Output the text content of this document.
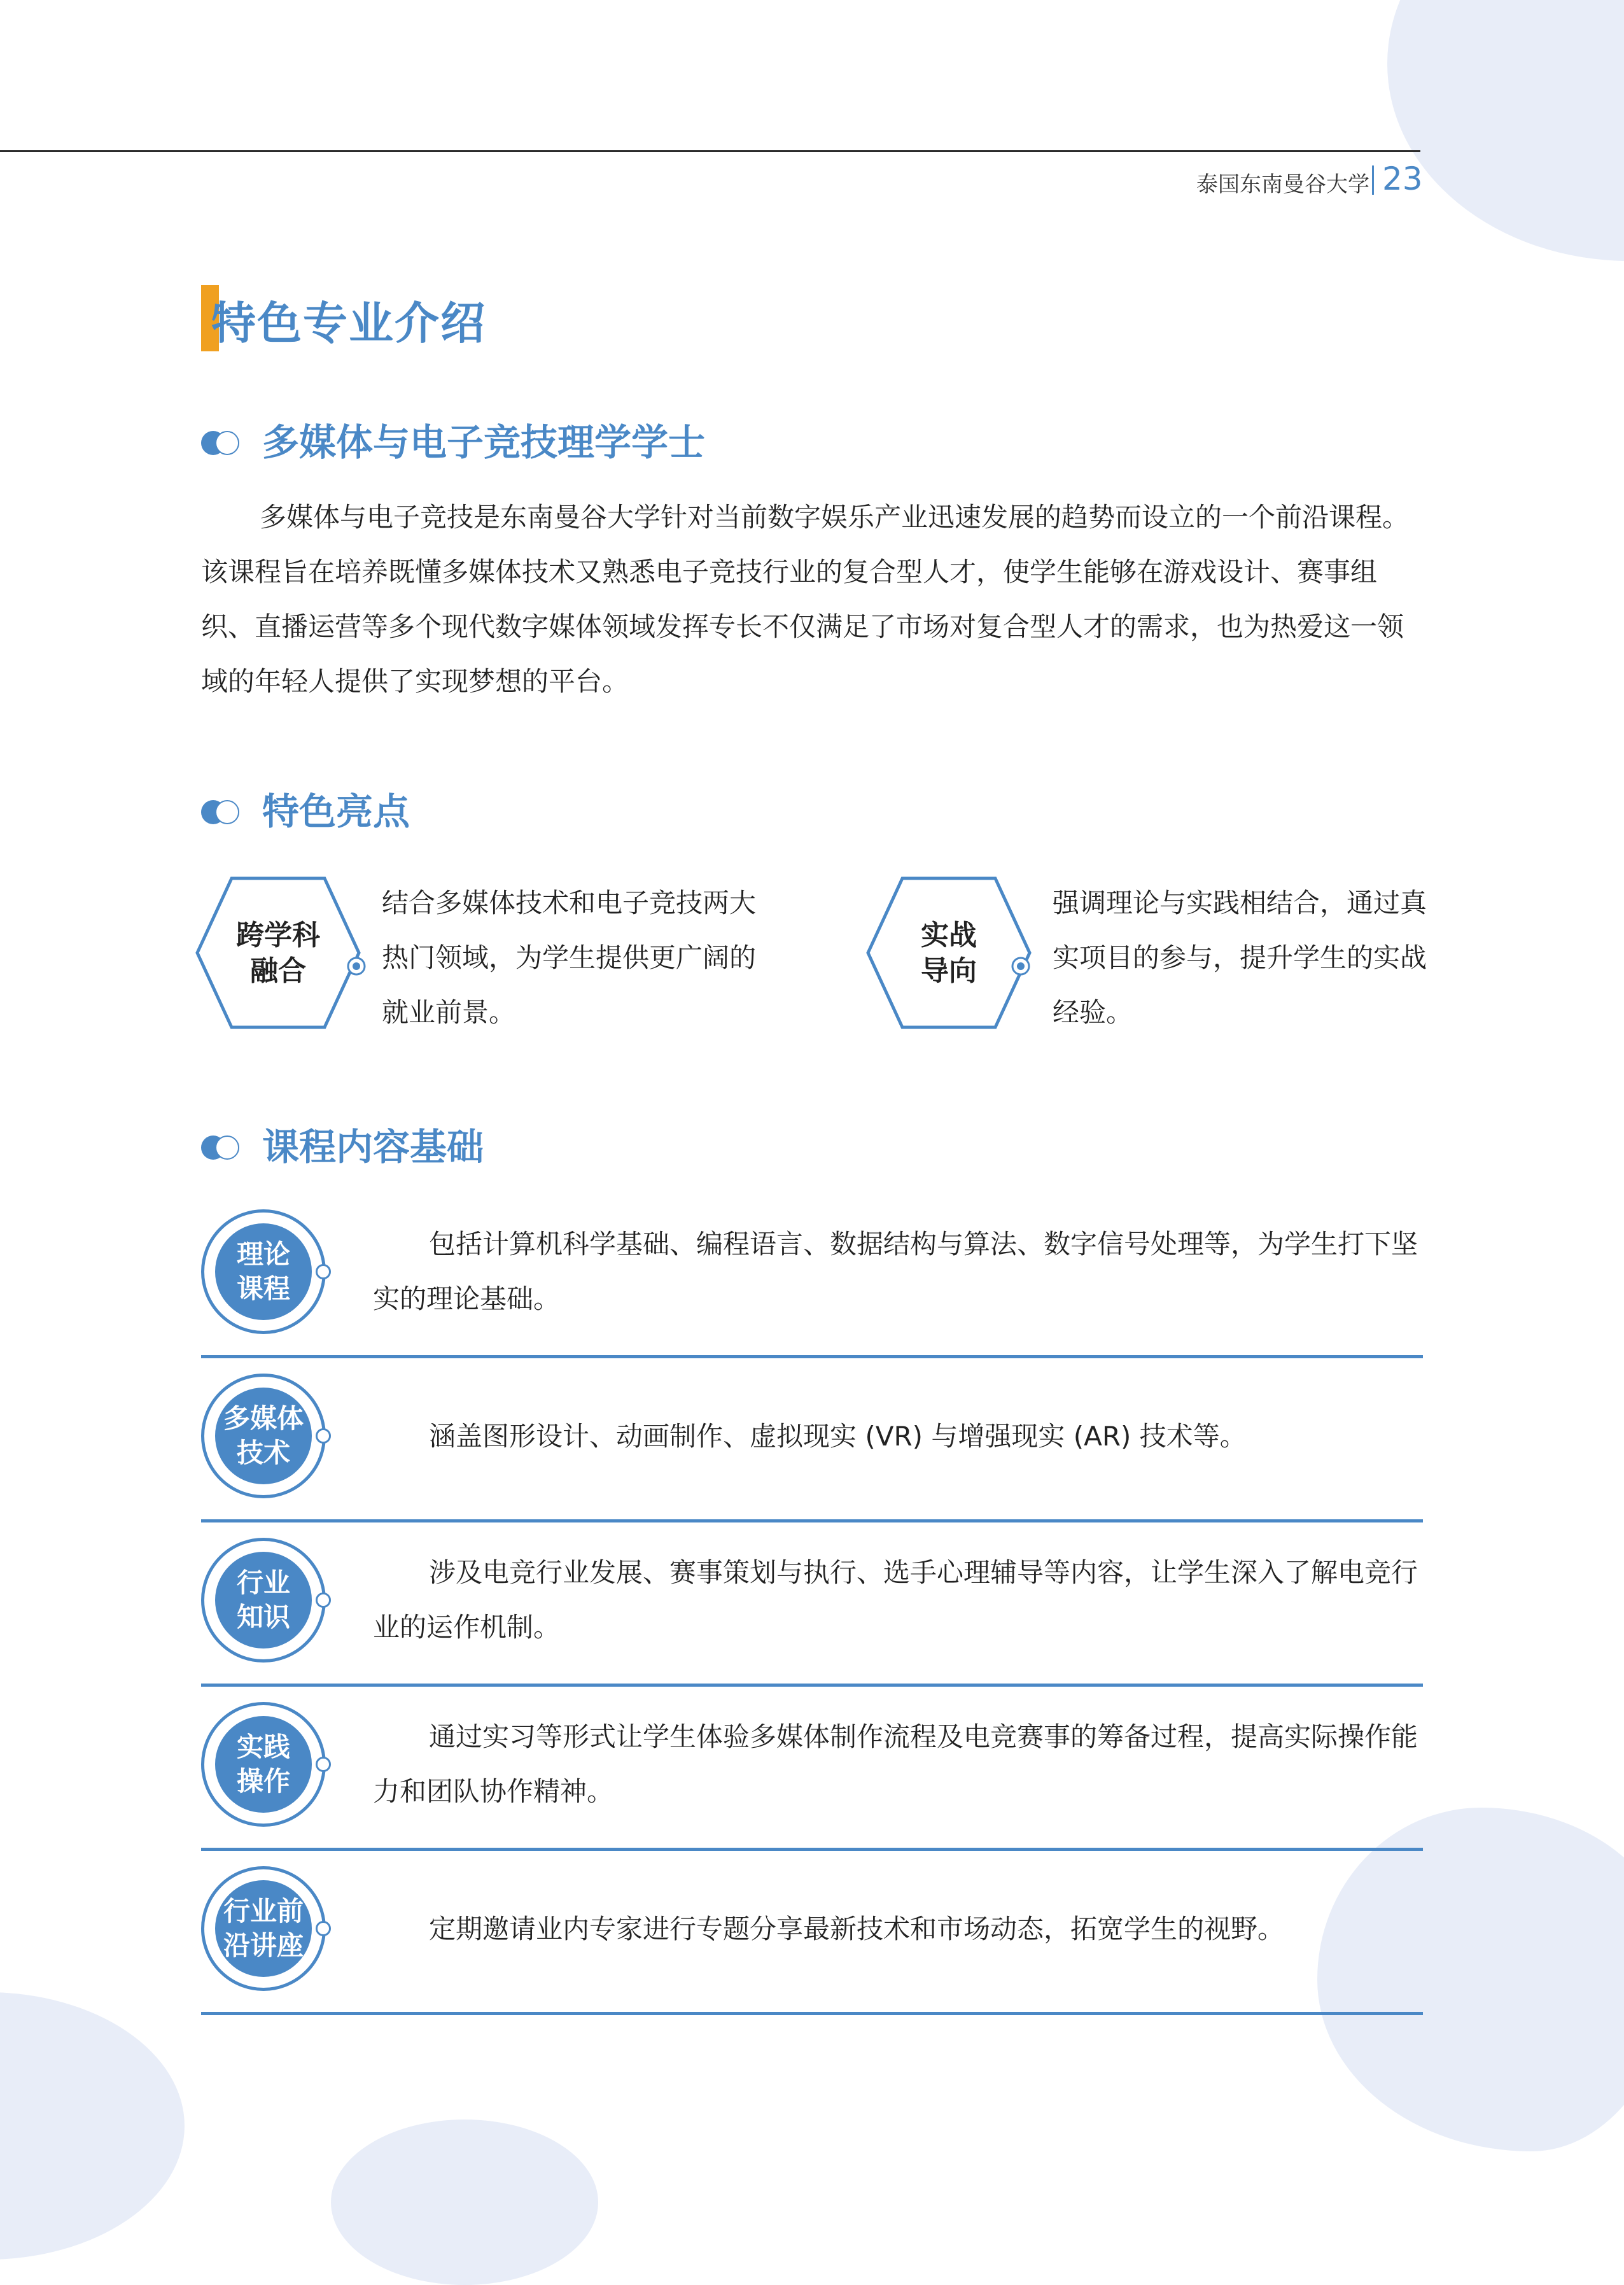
泰国东南曼谷大学 23
特色专业介绍
多媒体与电子竞技理学学士

多媒体与电子竞技是东南曼谷大学针对当前数字娱乐产业迅速发展的趋势而设立的一个前沿课程。该课程旨在培养既懂多媒体技术又熟悉电子竞技行业的复合型人才，使学生能够在游戏设计、赛事组织、直播运营等多个现代数字媒体领域发挥专长不仅满足了市场对复合型人才的需求，也为热爱这一领域的年轻人提供了实现梦想的平台。

特色亮点
跨学科
融合

结合多媒体技术和电子竞技两大热门领域，为学生提供更广阔的就业前景。

实战
导向

强调理论与实践相结合，通过真实项目的参与，提升学生的实战经验。

课程内容基础
理论
课程

包括计算机科学基础、编程语言、数据结构与算法、数字信号处理等，为学生打下坚实的理论基础。

多媒体
技术

涵盖图形设计、动画制作、虚拟现实 (VR) 与增强现实 (AR) 技术等。

行业
知识

涉及电竞行业发展、赛事策划与执行、选手心理辅导等内容，让学生深入了解电竞行业的运作机制。

实践
操作

通过实习等形式让学生体验多媒体制作流程及电竞赛事的筹备过程，提高实际操作能力和团队协作精神。

行业前
沿讲座

定期邀请业内专家进行专题分享最新技术和市场动态，拓宽学生的视野。
